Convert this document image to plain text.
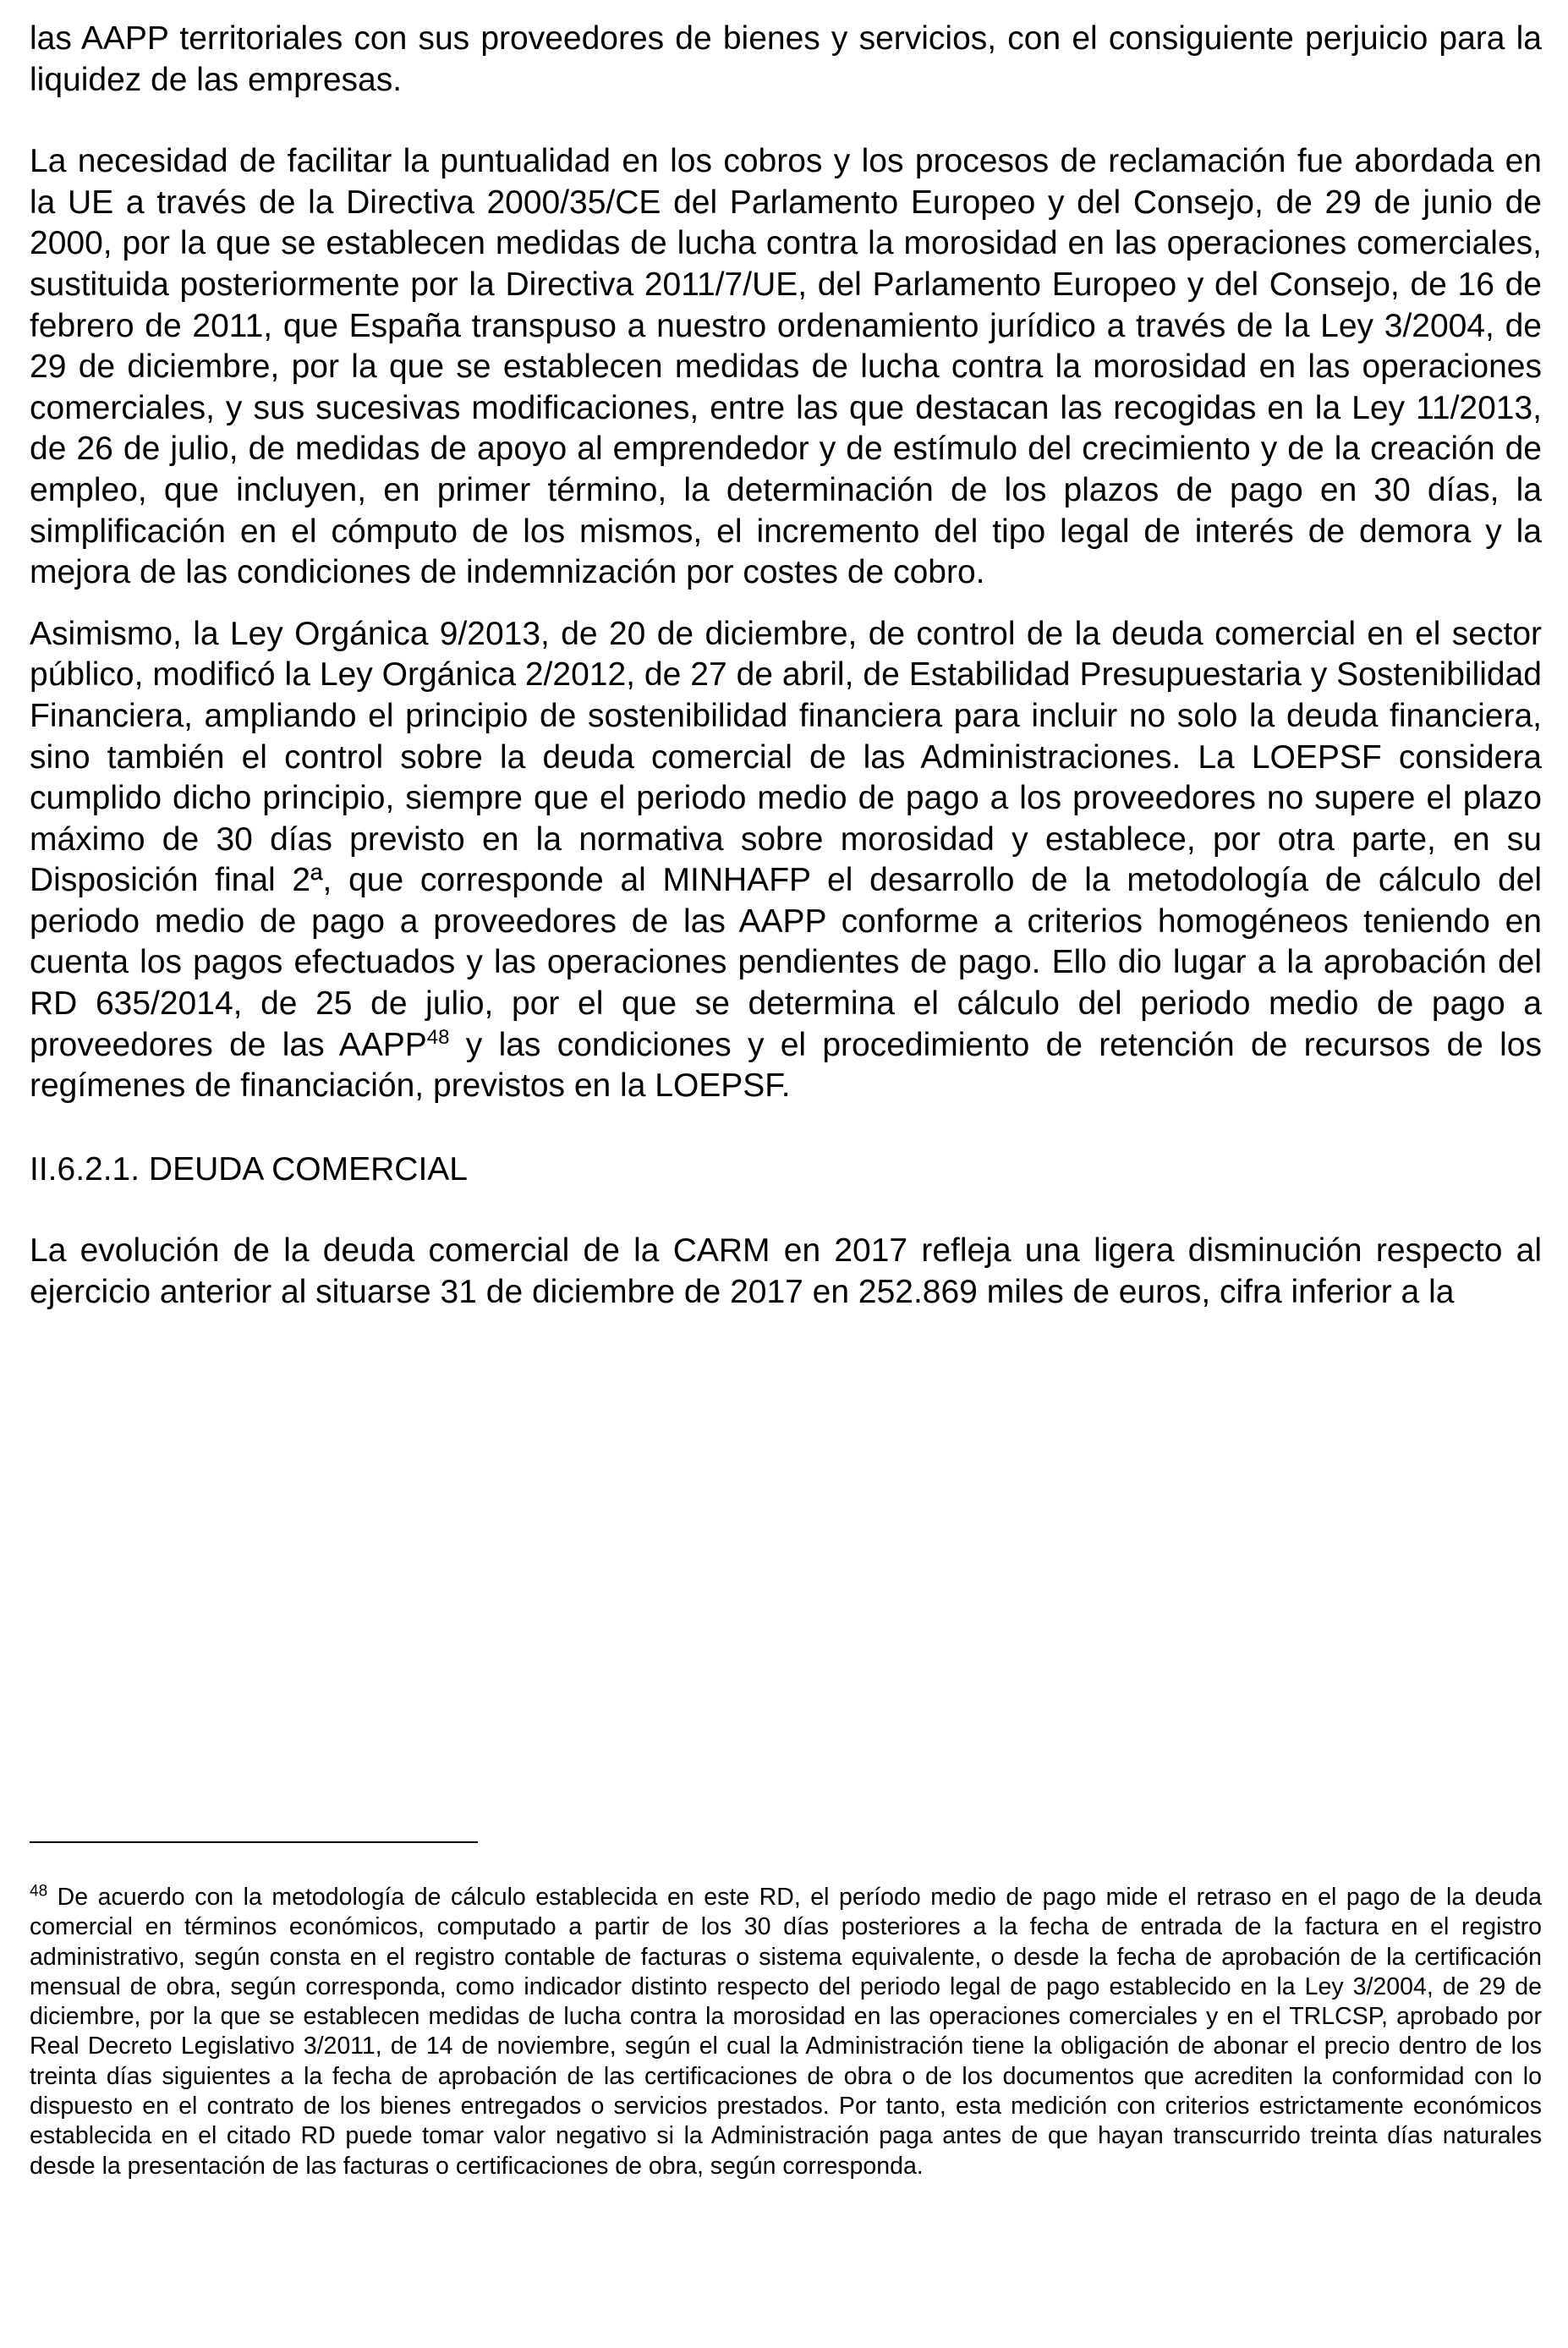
las AAPP territoriales con sus proveedores de bienes y servicios, con el consiguiente perjuicio para la liquidez de las empresas.

La necesidad de facilitar la puntualidad en los cobros y los procesos de reclamación fue abordada en la UE a través de la Directiva 2000/35/CE del Parlamento Europeo y del Consejo, de 29 de junio de 2000, por la que se establecen medidas de lucha contra la morosidad en las operaciones comerciales, sustituida posteriormente por la Directiva 2011/7/UE, del Parlamento Europeo y del Consejo, de 16 de febrero de 2011, que España transpuso a nuestro ordenamiento jurídico a través de la Ley 3/2004, de 29 de diciembre, por la que se establecen medidas de lucha contra la morosidad en las operaciones comerciales, y sus sucesivas modificaciones, entre las que destacan las recogidas en la Ley 11/2013, de 26 de julio, de medidas de apoyo al emprendedor y de estímulo del crecimiento y de la creación de empleo, que incluyen, en primer término, la determinación de los plazos de pago en 30 días, la simplificación en el cómputo de los mismos, el incremento del tipo legal de interés de demora y la mejora de las condiciones de indemnización por costes de cobro.

Asimismo, la Ley Orgánica 9/2013, de 20 de diciembre, de control de la deuda comercial en el sector público, modificó la Ley Orgánica 2/2012, de 27 de abril, de Estabilidad Presupuestaria y Sostenibilidad Financiera, ampliando el principio de sostenibilidad financiera para incluir no solo la deuda financiera, sino también el control sobre la deuda comercial de las Administraciones. La LOEPSF considera cumplido dicho principio, siempre que el periodo medio de pago a los proveedores no supere el plazo máximo de 30 días previsto en la normativa sobre morosidad y establece, por otra parte, en su Disposición final 2ª, que corresponde al MINHAFP el desarrollo de la metodología de cálculo del periodo medio de pago a proveedores de las AAPP conforme a criterios homogéneos teniendo en cuenta los pagos efectuados y las operaciones pendientes de pago. Ello dio lugar a la aprobación del RD 635/2014, de 25 de julio, por el que se determina el cálculo del periodo medio de pago a proveedores de las AAPP$^{48}$ y las condiciones y el procedimiento de retención de recursos de los regímenes de financiación, previstos en la LOEPSF.

II.6.2.1. DEUDA COMERCIAL

La evolución de la deuda comercial de la CARM en 2017 refleja una ligera disminución respecto al ejercicio anterior al situarse 31 de diciembre de 2017 en 252.869 miles de euros, cifra inferior a la

$^{48}$ De acuerdo con la metodología de cálculo establecida en este RD, el período medio de pago mide el retraso en el pago de la deuda comercial en términos económicos, computado a partir de los 30 días posteriores a la fecha de entrada de la factura en el registro administrativo, según consta en el registro contable de facturas o sistema equivalente, o desde la fecha de aprobación de la certificación mensual de obra, según corresponda, como indicador distinto respecto del periodo legal de pago establecido en la Ley 3/2004, de 29 de diciembre, por la que se establecen medidas de lucha contra la morosidad en las operaciones comerciales y en el TRLCSP, aprobado por Real Decreto Legislativo 3/2011, de 14 de noviembre, según el cual la Administración tiene la obligación de abonar el precio dentro de los treinta días siguientes a la fecha de aprobación de las certificaciones de obra o de los documentos que acrediten la conformidad con lo dispuesto en el contrato de los bienes entregados o servicios prestados. Por tanto, esta medición con criterios estrictamente económicos establecida en el citado RD puede tomar valor negativo si la Administración paga antes de que hayan transcurrido treinta días naturales desde la presentación de las facturas o certificaciones de obra, según corresponda.
